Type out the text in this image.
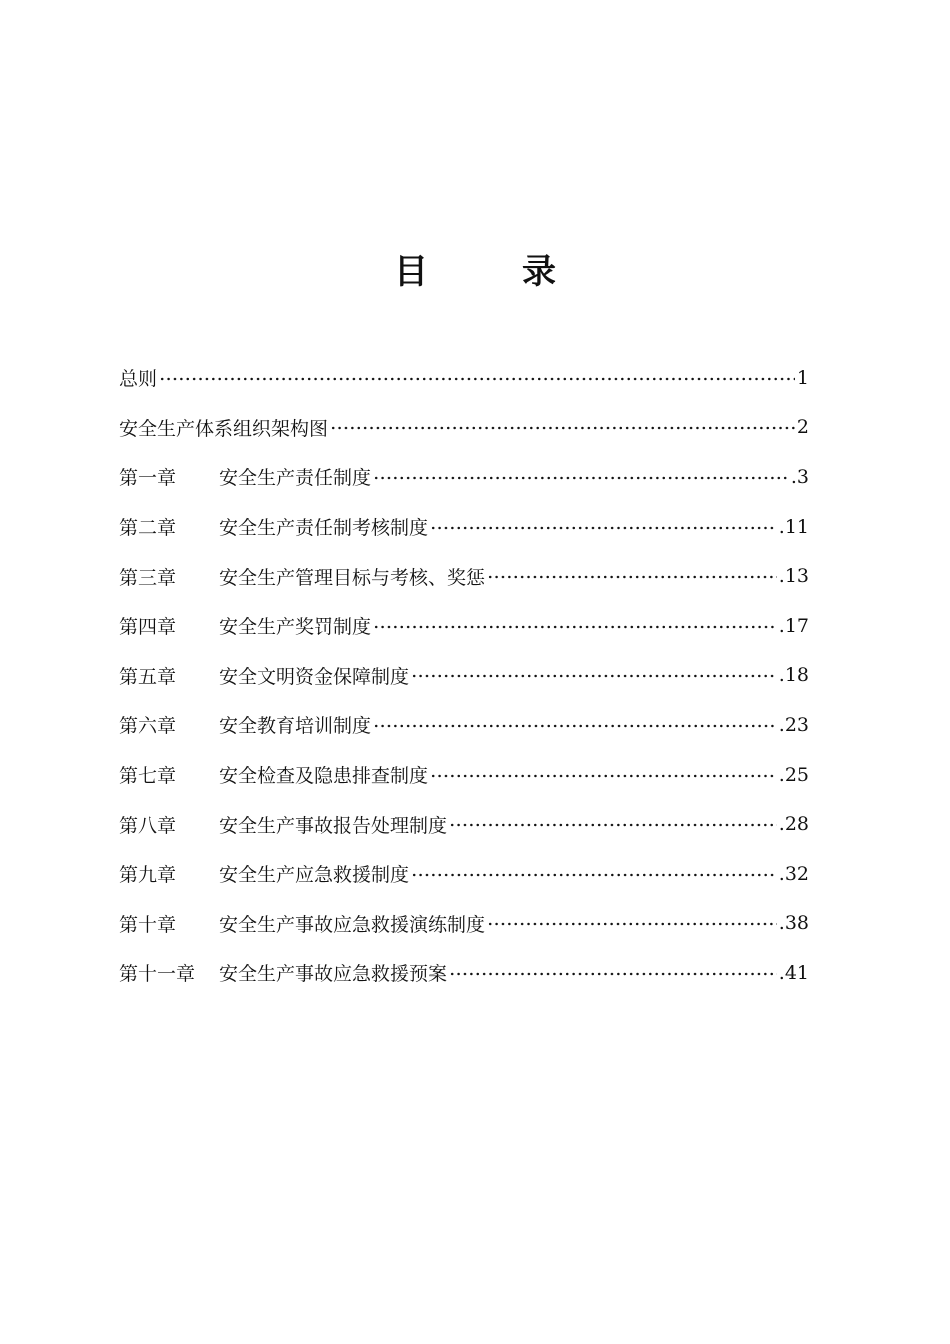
目　录
总则	1
安全生产体系组织架构图	2
第一章	安全生产责任制度	.3
第二章	安全生产责任制考核制度	.11
第三章	安全生产管理目标与考核、奖惩	.13
第四章	安全生产奖罚制度	.17
第五章	安全文明资金保障制度	.18
第六章	安全教育培训制度	.23
第七章	安全检查及隐患排查制度	.25
第八章	安全生产事故报告处理制度	.28
第九章	安全生产应急救援制度	.32
第十章	安全生产事故应急救援演练制度	.38
第十一章	安全生产事故应急救援预案	.41
